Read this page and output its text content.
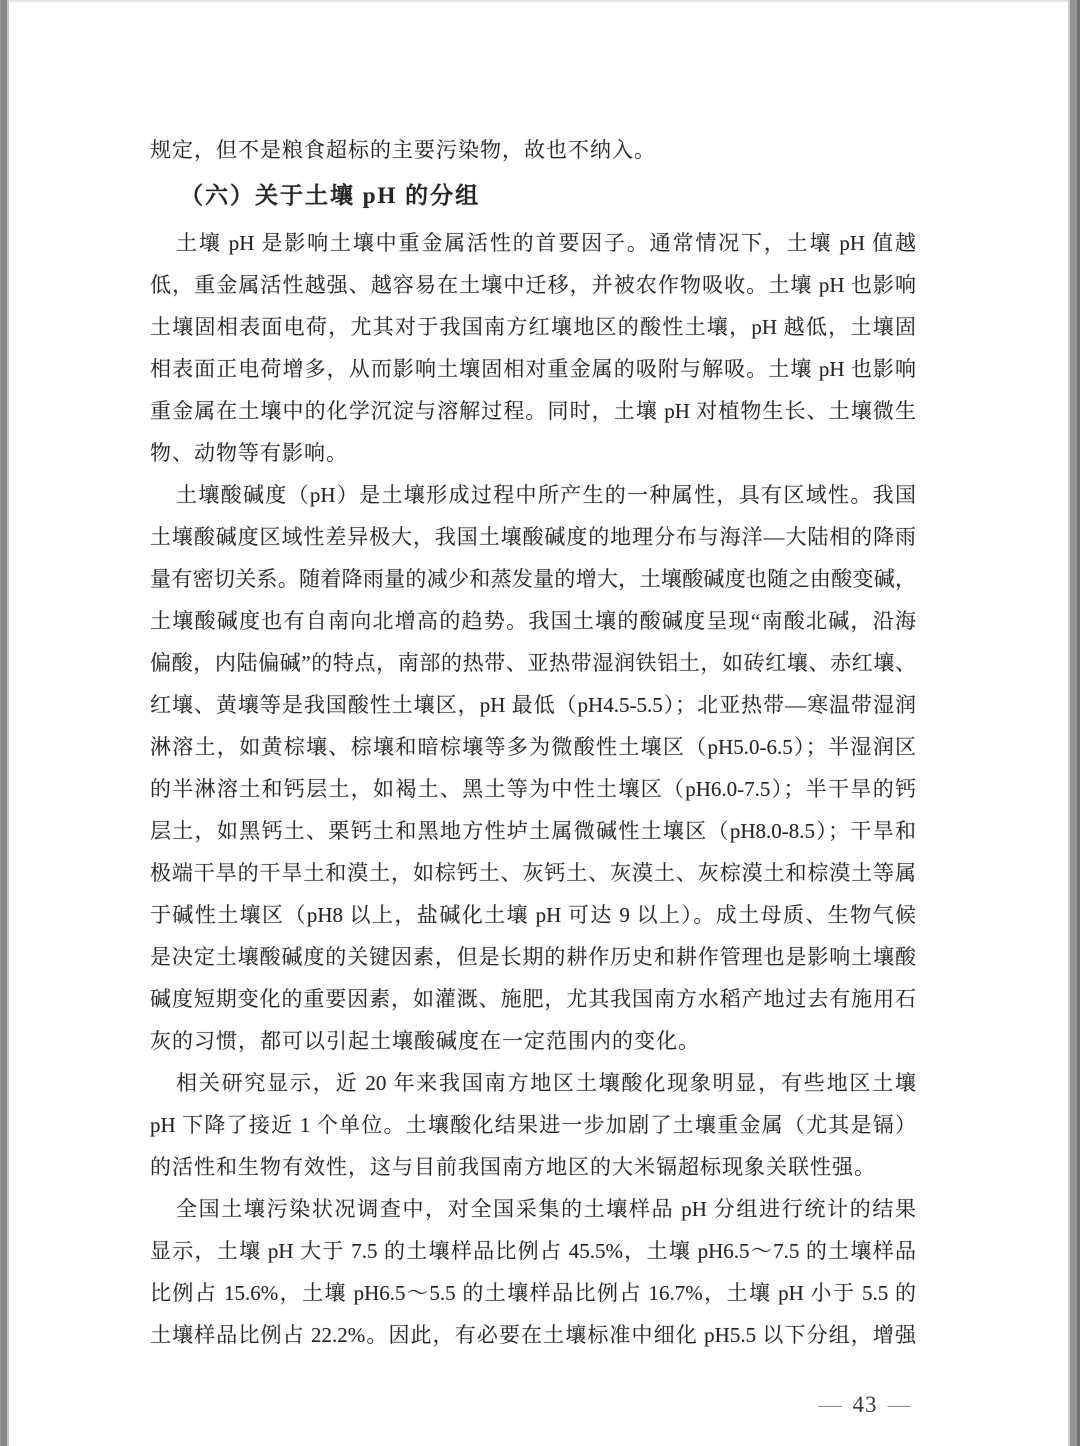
规定，但不是粮食超标的主要污染物，故也不纳入。
（六）关于土壤 pH 的分组
土壤 pH 是影响土壤中重金属活性的首要因子。通常情况下，土壤 pH 值越
低，重金属活性越强、越容易在土壤中迁移，并被农作物吸收。土壤 pH 也影响
土壤固相表面电荷，尤其对于我国南方红壤地区的酸性土壤，pH 越低，土壤固
相表面正电荷增多，从而影响土壤固相对重金属的吸附与解吸。土壤 pH 也影响
重金属在土壤中的化学沉淀与溶解过程。同时，土壤 pH 对植物生长、土壤微生
物、动物等有影响。
土壤酸碱度（pH）是土壤形成过程中所产生的一种属性，具有区域性。我国
土壤酸碱度区域性差异极大，我国土壤酸碱度的地理分布与海洋—大陆相的降雨
量有密切关系。随着降雨量的减少和蒸发量的增大，土壤酸碱度也随之由酸变碱，
土壤酸碱度也有自南向北增高的趋势。我国土壤的酸碱度呈现“南酸北碱，沿海
偏酸，内陆偏碱”的特点，南部的热带、亚热带湿润铁铝土，如砖红壤、赤红壤、
红壤、黄壤等是我国酸性土壤区，pH 最低（pH4.5-5.5）；北亚热带—寒温带湿润
淋溶土，如黄棕壤、棕壤和暗棕壤等多为微酸性土壤区（pH5.0-6.5）；半湿润区
的半淋溶土和钙层土，如褐土、黑土等为中性土壤区（pH6.0-7.5）；半干旱的钙
层土，如黑钙土、栗钙土和黑地方性垆土属微碱性土壤区（pH8.0-8.5）；干旱和
极端干旱的干旱土和漠土，如棕钙土、灰钙土、灰漠土、灰棕漠土和棕漠土等属
于碱性土壤区（pH8 以上，盐碱化土壤 pH 可达 9 以上）。成土母质、生物气候
是决定土壤酸碱度的关键因素，但是长期的耕作历史和耕作管理也是影响土壤酸
碱度短期变化的重要因素，如灌溉、施肥，尤其我国南方水稻产地过去有施用石
灰的习惯，都可以引起土壤酸碱度在一定范围内的变化。
相关研究显示，近 20 年来我国南方地区土壤酸化现象明显，有些地区土壤
pH 下降了接近 1 个单位。土壤酸化结果进一步加剧了土壤重金属（尤其是镉）
的活性和生物有效性，这与目前我国南方地区的大米镉超标现象关联性强。
全国土壤污染状况调查中，对全国采集的土壤样品 pH 分组进行统计的结果
显示，土壤 pH 大于 7.5 的土壤样品比例占 45.5%，土壤 pH6.5～7.5 的土壤样品
比例占 15.6%，土壤 pH6.5～5.5 的土壤样品比例占 16.7%，土壤 pH 小于 5.5 的
土壤样品比例占 22.2%。因此，有必要在土壤标准中细化 pH5.5 以下分组，增强
— 43 —
